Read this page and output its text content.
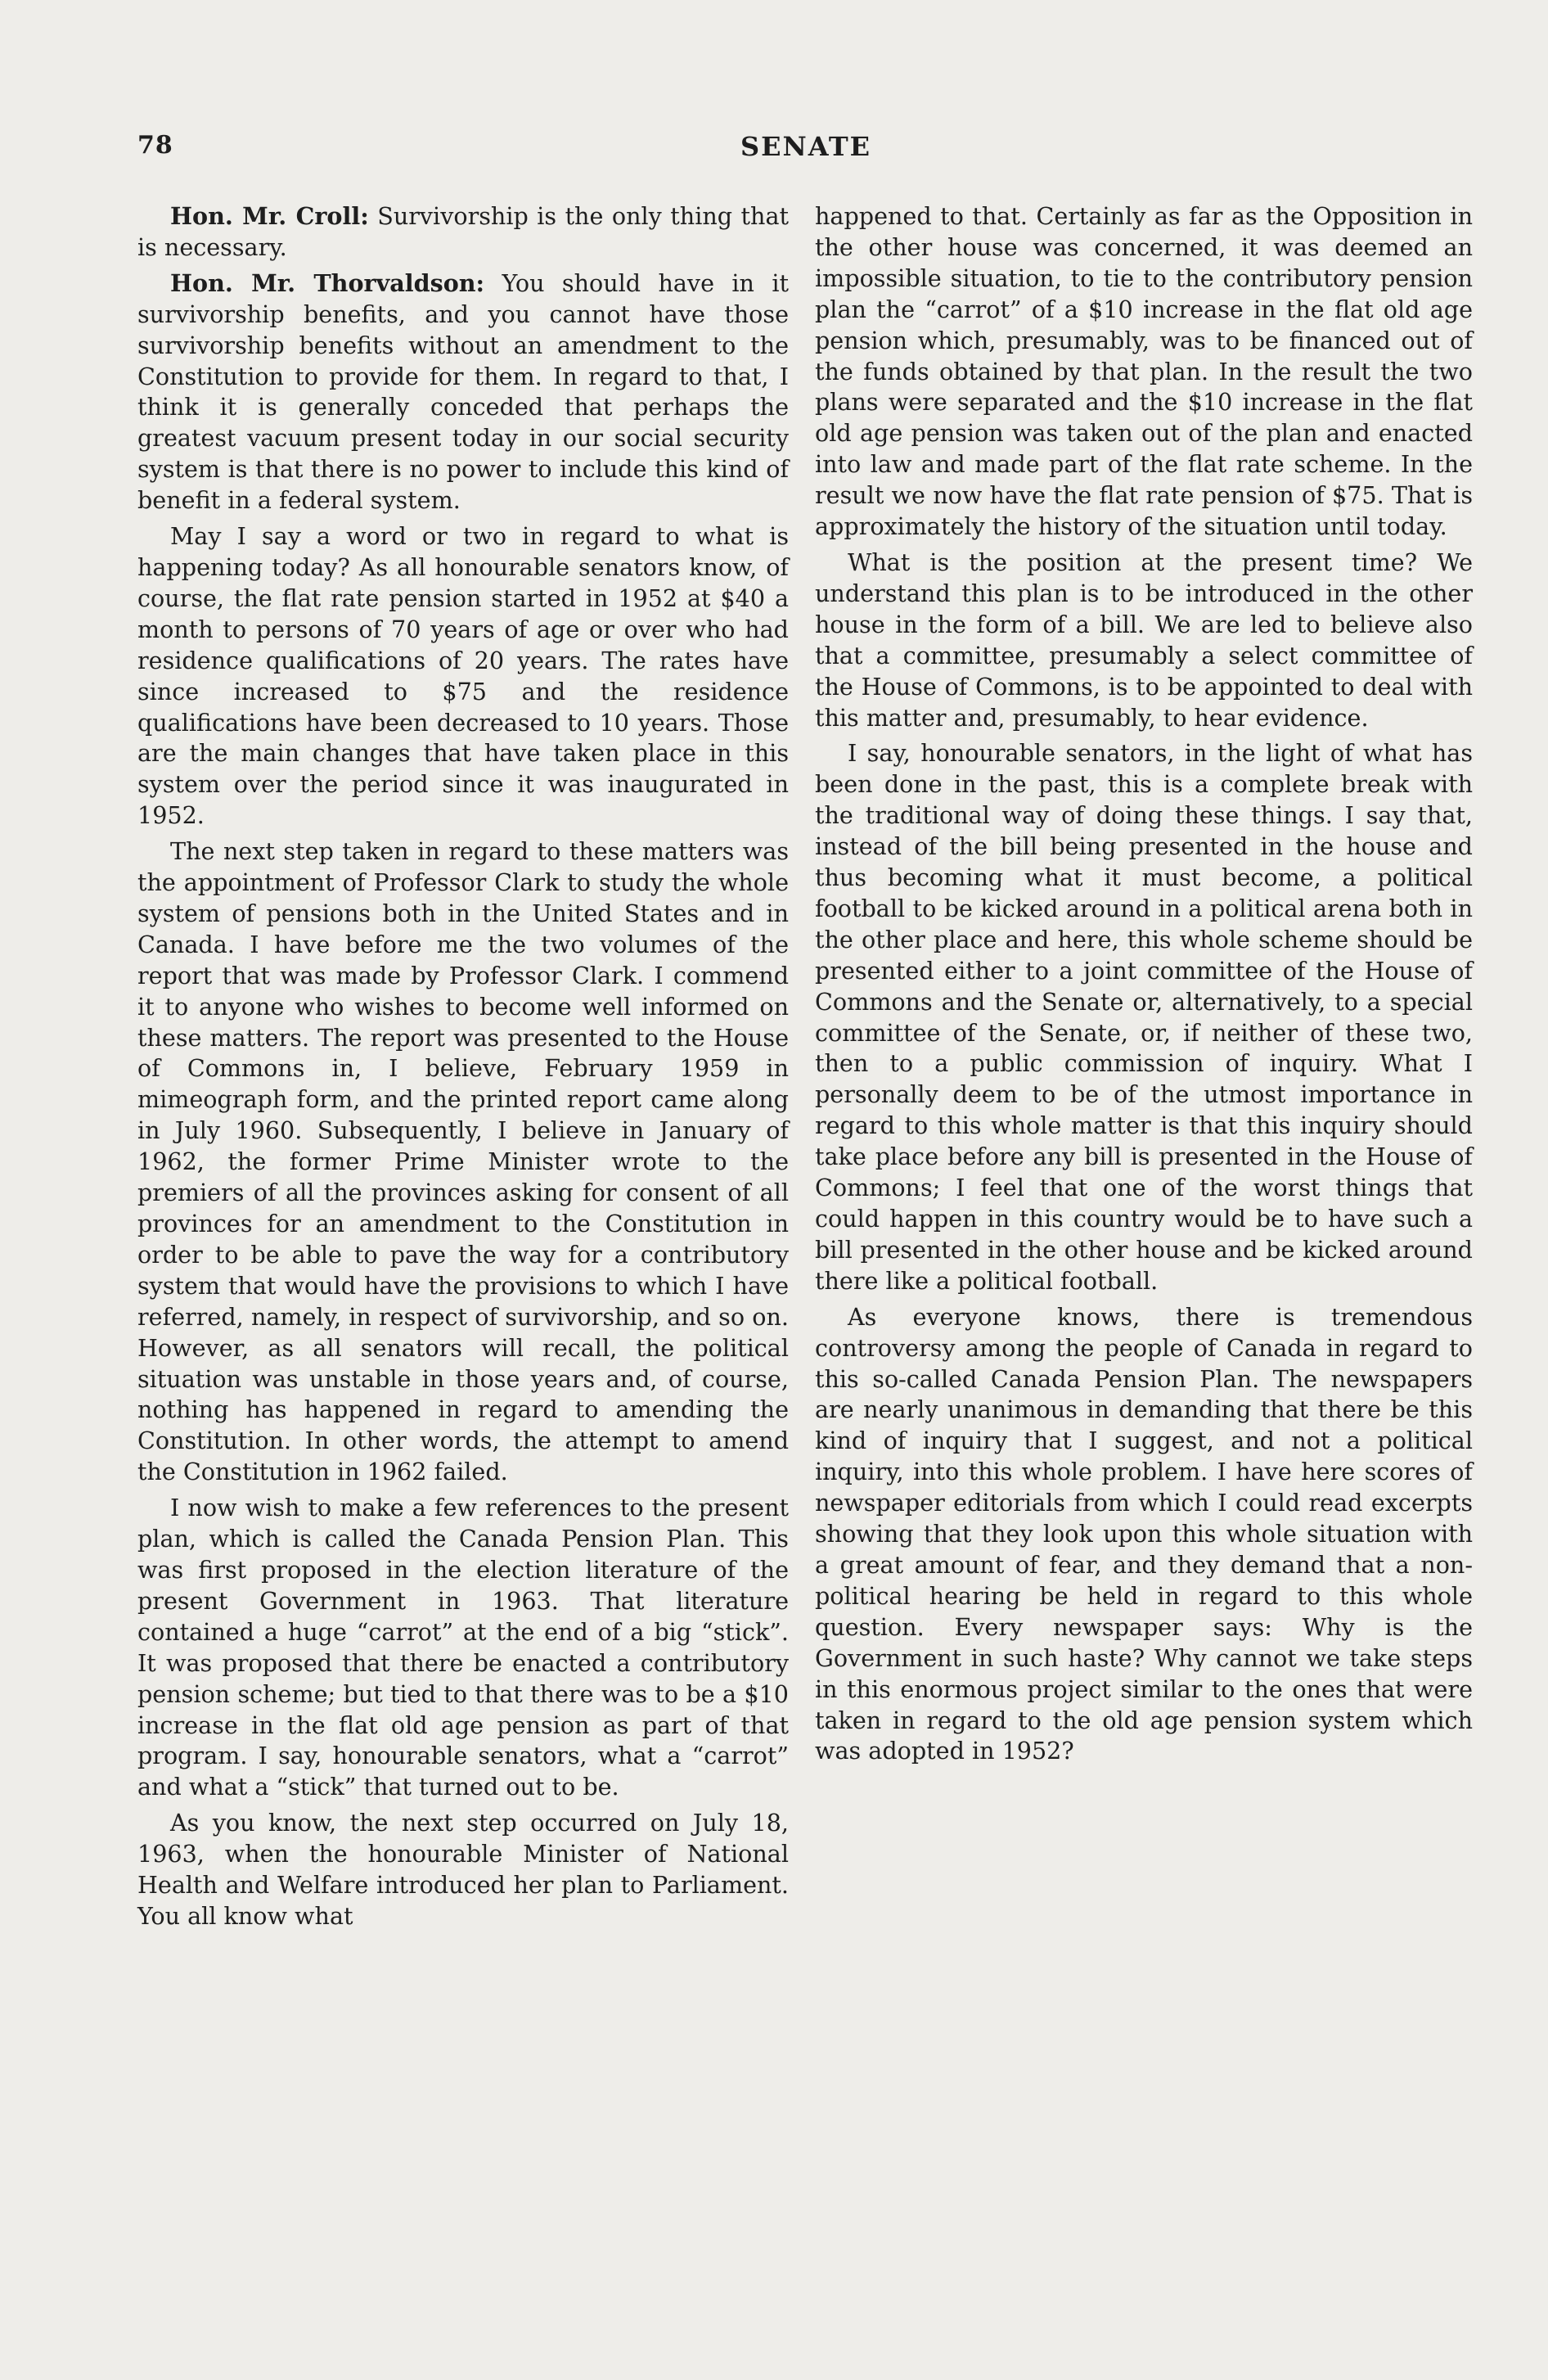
78	SENATE

Hon. Mr. Croll: Survivorship is the only thing that is necessary.

Hon. Mr. Thorvaldson: You should have in it survivorship benefits, and you cannot have those survivorship benefits without an amendment to the Constitution to provide for them. In regard to that, I think it is generally conceded that perhaps the greatest vacuum present today in our social security system is that there is no power to include this kind of benefit in a federal system.

May I say a word or two in regard to what is happening today? As all honourable senators know, of course, the flat rate pension started in 1952 at $40 a month to persons of 70 years of age or over who had residence qualifications of 20 years. The rates have since increased to $75 and the residence qualifications have been decreased to 10 years. Those are the main changes that have taken place in this system over the period since it was inaugurated in 1952.

The next step taken in regard to these matters was the appointment of Professor Clark to study the whole system of pensions both in the United States and in Canada. I have before me the two volumes of the report that was made by Professor Clark. I commend it to anyone who wishes to become well informed on these matters. The report was presented to the House of Commons in, I believe, February 1959 in mimeograph form, and the printed report came along in July 1960. Subsequently, I believe in January of 1962, the former Prime Minister wrote to the premiers of all the provinces asking for consent of all provinces for an amendment to the Constitution in order to be able to pave the way for a contributory system that would have the provisions to which I have referred, namely, in respect of survivorship, and so on. However, as all senators will recall, the political situation was unstable in those years and, of course, nothing has happened in regard to amending the Constitution. In other words, the attempt to amend the Constitution in 1962 failed.

I now wish to make a few references to the present plan, which is called the Canada Pension Plan. This was first proposed in the election literature of the present Government in 1963. That literature contained a huge “carrot” at the end of a big “stick”. It was proposed that there be enacted a contributory pension scheme; but tied to that there was to be a $10 increase in the flat old age pension as part of that program. I say, honourable senators, what a “carrot” and what a “stick” that turned out to be.

As you know, the next step occurred on July 18, 1963, when the honourable Minister of National Health and Welfare introduced her plan to Parliament. You all know what

happened to that. Certainly as far as the Opposition in the other house was concerned, it was deemed an impossible situation, to tie to the contributory pension plan the “carrot” of a $10 increase in the flat old age pension which, presumably, was to be financed out of the funds obtained by that plan. In the result the two plans were separated and the $10 increase in the flat old age pension was taken out of the plan and enacted into law and made part of the flat rate scheme. In the result we now have the flat rate pension of $75. That is approximately the history of the situation until today.

What is the position at the present time? We understand this plan is to be introduced in the other house in the form of a bill. We are led to believe also that a committee, presumably a select committee of the House of Commons, is to be appointed to deal with this matter and, presumably, to hear evidence.

I say, honourable senators, in the light of what has been done in the past, this is a complete break with the traditional way of doing these things. I say that, instead of the bill being presented in the house and thus becoming what it must become, a political football to be kicked around in a political arena both in the other place and here, this whole scheme should be presented either to a joint committee of the House of Commons and the Senate or, alternatively, to a special committee of the Senate, or, if neither of these two, then to a public commission of inquiry. What I personally deem to be of the utmost importance in regard to this whole matter is that this inquiry should take place before any bill is presented in the House of Commons; I feel that one of the worst things that could happen in this country would be to have such a bill presented in the other house and be kicked around there like a political football.

As everyone knows, there is tremendous controversy among the people of Canada in regard to this so-called Canada Pension Plan. The newspapers are nearly unanimous in demanding that there be this kind of inquiry that I suggest, and not a political inquiry, into this whole problem. I have here scores of newspaper editorials from which I could read excerpts showing that they look upon this whole situation with a great amount of fear, and they demand that a non-political hearing be held in regard to this whole question. Every newspaper says: Why is the Government in such haste? Why cannot we take steps in this enormous project similar to the ones that were taken in regard to the old age pension system which was adopted in 1952?
